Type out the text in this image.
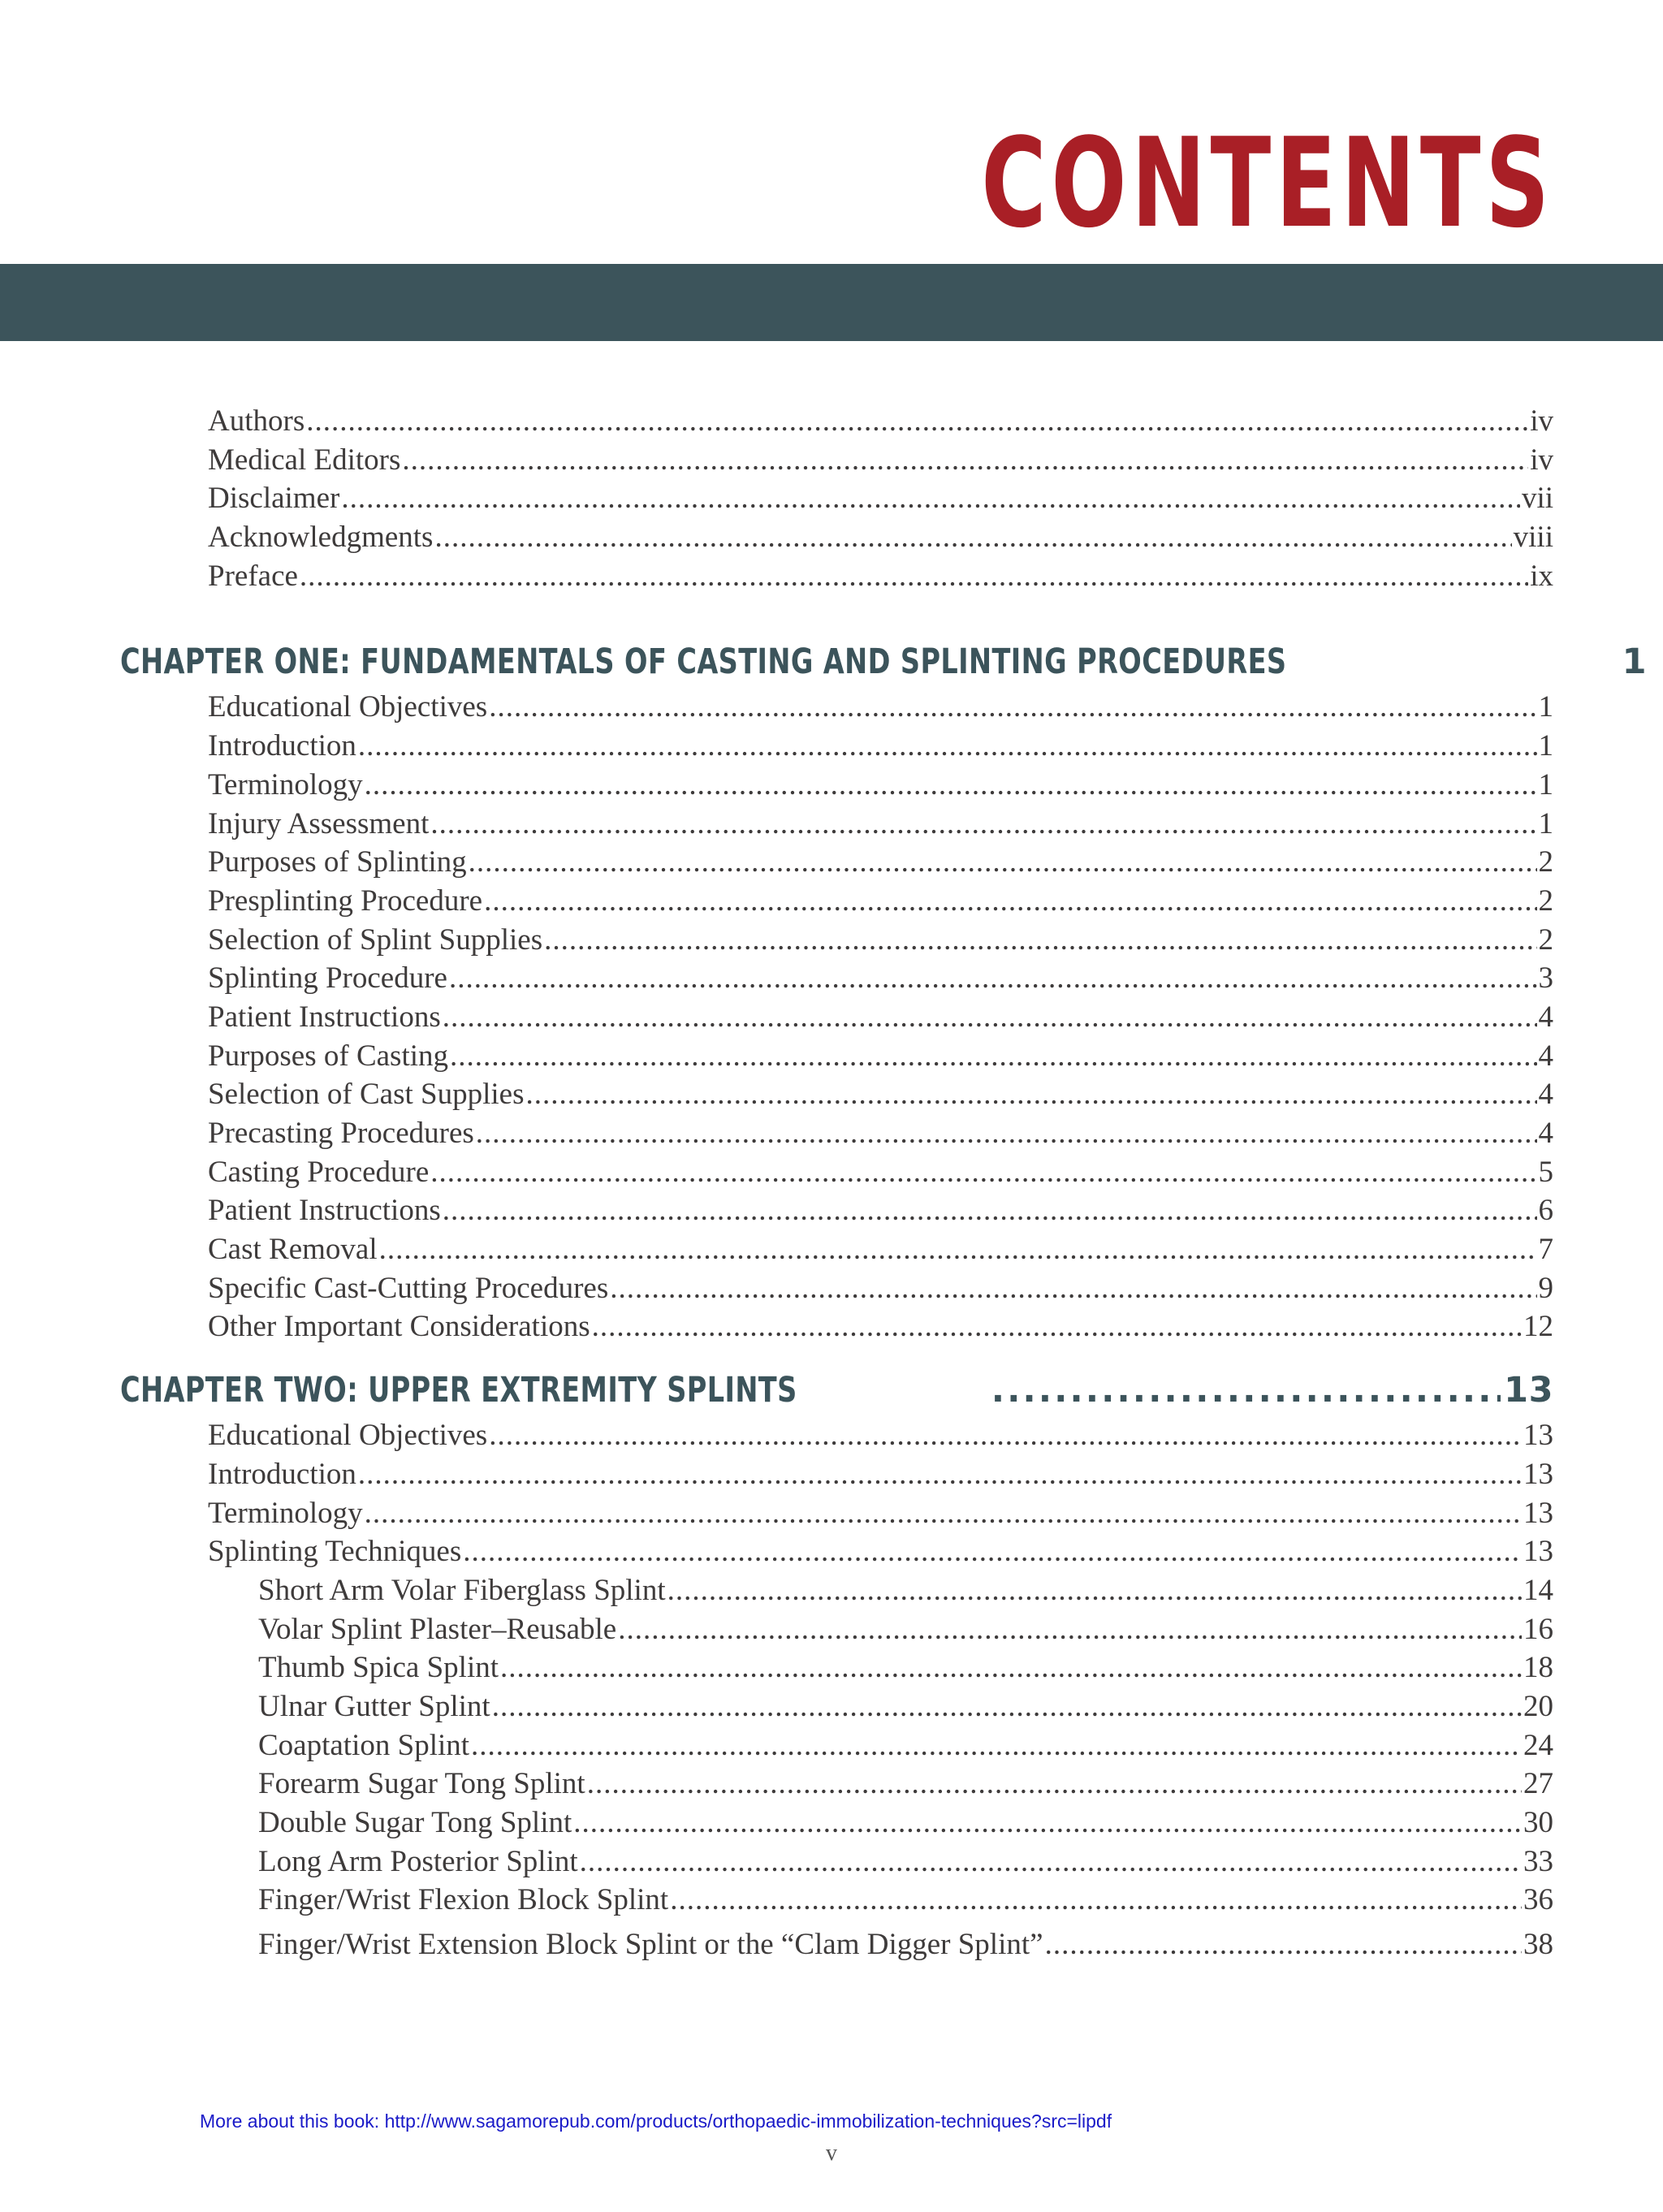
CONTENTS
Authors .....	iv
Medical Editors .....	iv
Disclaimer .....	vii
Acknowledgments .....	viii
Preface .....	ix
CHAPTER ONE: FUNDAMENTALS OF CASTING AND SPLINTING PROCEDURES	1
Educational Objectives .....	1
Introduction .....	1
Terminology .....	1
Injury Assessment .....	1
Purposes of Splinting .....	2
Presplinting Procedure .....	2
Selection of Splint Supplies .....	2
Splinting Procedure .....	3
Patient Instructions .....	4
Purposes of Casting .....	4
Selection of Cast Supplies .....	4
Precasting Procedures .....	4
Casting Procedure .....	5
Patient Instructions .....	6
Cast Removal .....	7
Specific Cast-Cutting Procedures .....	9
Other Important Considerations .....	12
CHAPTER TWO: UPPER EXTREMITY SPLINTS .....	13
Educational Objectives .....	13
Introduction .....	13
Terminology .....	13
Splinting Techniques .....	13
Short Arm Volar Fiberglass Splint .....	14
Volar Splint Plaster–Reusable .....	16
Thumb Spica Splint .....	18
Ulnar Gutter Splint .....	20
Coaptation Splint .....	24
Forearm Sugar Tong Splint .....	27
Double Sugar Tong Splint .....	30
Long Arm Posterior Splint .....	33
Finger/Wrist Flexion Block Splint .....	36
Finger/Wrist Extension Block Splint or the “Clam Digger Splint” .....	38
More about this book: http://www.sagamorepub.com/products/orthopaedic-immobilization-techniques?src=lipdf
v
